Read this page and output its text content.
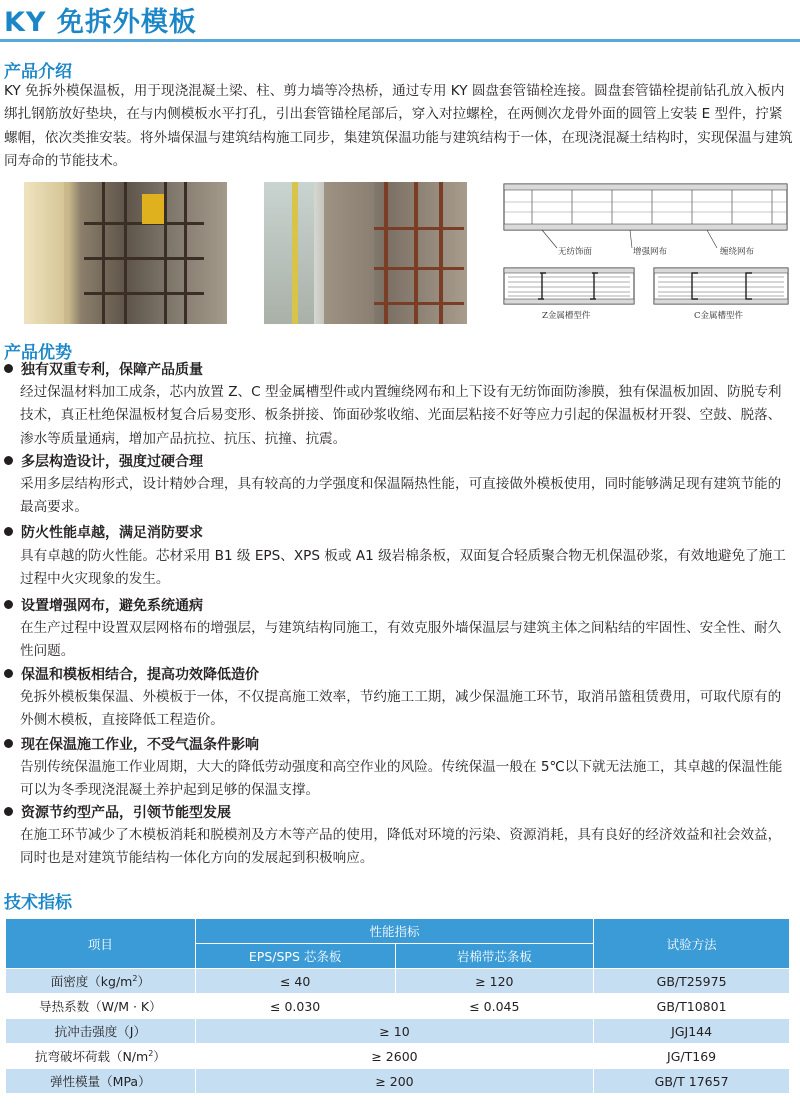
KY 免拆外模板
产品介绍
KY 免拆外模保温板，用于现浇混凝土梁、柱、剪力墙等冷热桥，通过专用 KY 圆盘套管锚栓连接。圆盘套管锚栓提前钻孔放入板内绑扎钢筋放好垫块，在与内侧模板水平打孔，引出套管锚栓尾部后，穿入对拉螺栓，在两侧次龙骨外面的圆管上安装 E 型件，拧紧螺帽，依次类推安装。将外墙保温与建筑结构施工同步，集建筑保温功能与建筑结构于一体，在现浇混凝土结构时，实现保温与建筑同寿命的节能技术。
无纺饰面	增强网布	缠绕网布
Z金属槽型件	C金属槽型件
产品优势
独有双重专利，保障产品质量
经过保温材料加工成条，芯内放置 Z、C 型金属槽型件或内置缠绕网布和上下设有无纺饰面防渗膜，独有保温板加固、防脱专利技术，真正杜绝保温板材复合后易变形、板条拼接、饰面砂浆收缩、光面层粘接不好等应力引起的保温板材开裂、空鼓、脱落、渗水等质量通病，增加产品抗拉、抗压、抗撞、抗震。
多层构造设计，强度过硬合理
采用多层结构形式，设计精妙合理，具有较高的力学强度和保温隔热性能，可直接做外模板使用，同时能够满足现有建筑节能的最高要求。
防火性能卓越，满足消防要求
具有卓越的防火性能。芯材采用 B1 级 EPS、XPS 板或 A1 级岩棉条板，双面复合轻质聚合物无机保温砂浆，有效地避免了施工过程中火灾现象的发生。
设置增强网布，避免系统通病
在生产过程中设置双层网格布的增强层，与建筑结构同施工，有效克服外墙保温层与建筑主体之间粘结的牢固性、安全性、耐久性问题。
保温和模板相结合，提高功效降低造价
免拆外模板集保温、外模板于一体，不仅提高施工效率，节约施工工期，减少保温施工环节，取消吊篮租赁费用，可取代原有的外侧木模板，直接降低工程造价。
现在保温施工作业，不受气温条件影响
告别传统保温施工作业周期，大大的降低劳动强度和高空作业的风险。传统保温一般在 5℃以下就无法施工，其卓越的保温性能可以为冬季现浇混凝土养护起到足够的保温支撑。
资源节约型产品，引领节能型发展
在施工环节减少了木模板消耗和脱模剂及方木等产品的使用，降低对环境的污染、资源消耗，具有良好的经济效益和社会效益，同时也是对建筑节能结构一体化方向的发展起到积极响应。
技术指标
项目	性能指标		试验方法
	EPS/SPS 芯条板	岩棉带芯条板	
面密度$(kg/m^2)$	≤ 40	≥ 120	GB/T25975
导热系数（W/M · K）	≤ 0.030	≤ 0.045	GB/T10801
抗冲击强度（J）	≥ 10		JGJ144
抗弯破坏荷载$(N/m^2)$	≥ 2600		JG/T169
弹性模量（MPa）	≥ 200		GB/T 17657
